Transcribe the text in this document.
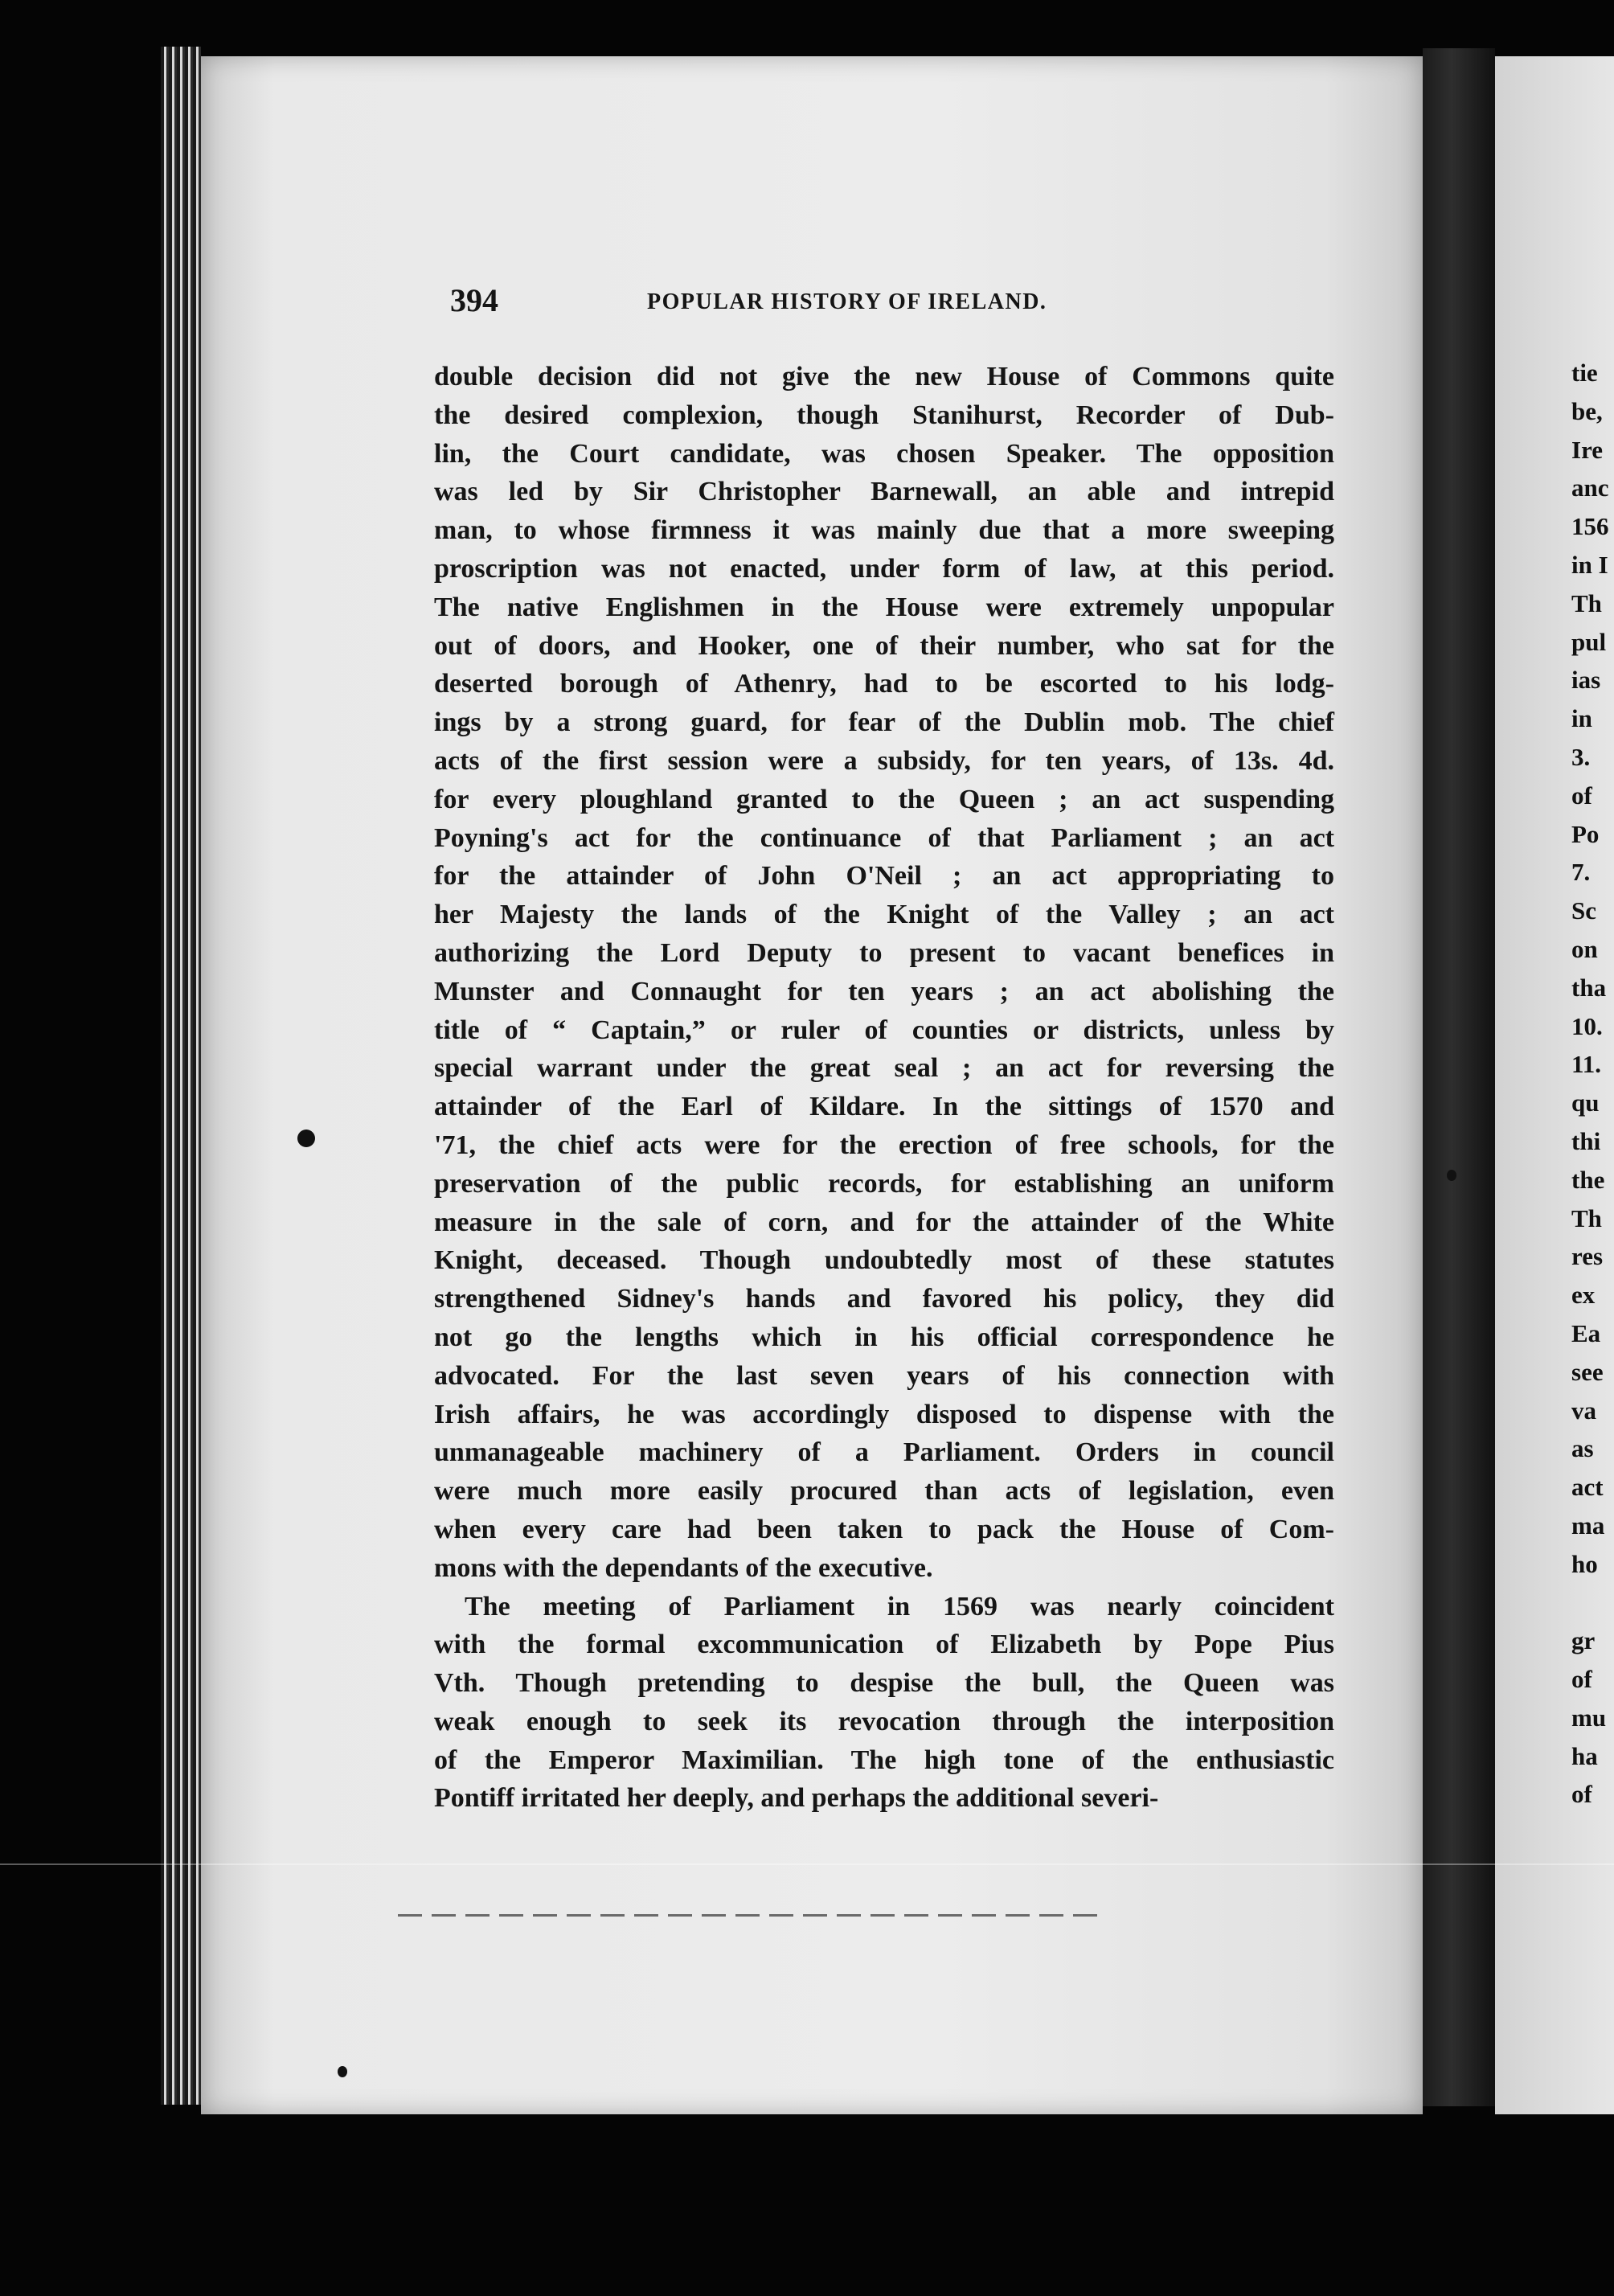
394	POPULAR HISTORY OF IRELAND.
double decision did not give the new House of Commons quite
the desired complexion, though Stanihurst, Recorder of Dub-
lin, the Court candidate, was chosen Speaker. The opposition
was led by Sir Christopher Barnewall, an able and intrepid
man, to whose firmness it was mainly due that a more sweeping
proscription was not enacted, under form of law, at this period.
The native Englishmen in the House were extremely unpopular
out of doors, and Hooker, one of their number, who sat for the
deserted borough of Athenry, had to be escorted to his lodg-
ings by a strong guard, for fear of the Dublin mob. The chief
acts of the first session were a subsidy, for ten years, of 13s. 4d.
for every ploughland granted to the Queen ; an act suspending
Poyning's act for the continuance of that Parliament ; an act
for the attainder of John O'Neil ; an act appropriating to
her Majesty the lands of the Knight of the Valley ; an act
authorizing the Lord Deputy to present to vacant benefices in
Munster and Connaught for ten years ; an act abolishing the
title of “ Captain,” or ruler of counties or districts, unless by
special warrant under the great seal ; an act for reversing the
attainder of the Earl of Kildare. In the sittings of 1570 and
'71, the chief acts were for the erection of free schools, for the
preservation of the public records, for establishing an uniform
measure in the sale of corn, and for the attainder of the White
Knight, deceased. Though undoubtedly most of these statutes
strengthened Sidney's hands and favored his policy, they did
not go the lengths which in his official correspondence he
advocated. For the last seven years of his connection with
Irish affairs, he was accordingly disposed to dispense with the
unmanageable machinery of a Parliament. Orders in council
were much more easily procured than acts of legislation, even
when every care had been taken to pack the House of Com-
mons with the dependants of the executive.
The meeting of Parliament in 1569 was nearly coincident
with the formal excommunication of Elizabeth by Pope Pius
Vth. Though pretending to despise the bull, the Queen was
weak enough to seek its revocation through the interposition
of the Emperor Maximilian. The high tone of the enthusiastic
Pontiff irritated her deeply, and perhaps the additional severi-
tie
be,
Ire
anc
156
in I
Th
pul
ias
in
3.
of
Po
7.
Sc
on
tha
10.
11.
qu
thi
the
Th
res
ex
Ea
see
va
as
act
ma
ho
gr
of
mu
ha
of
